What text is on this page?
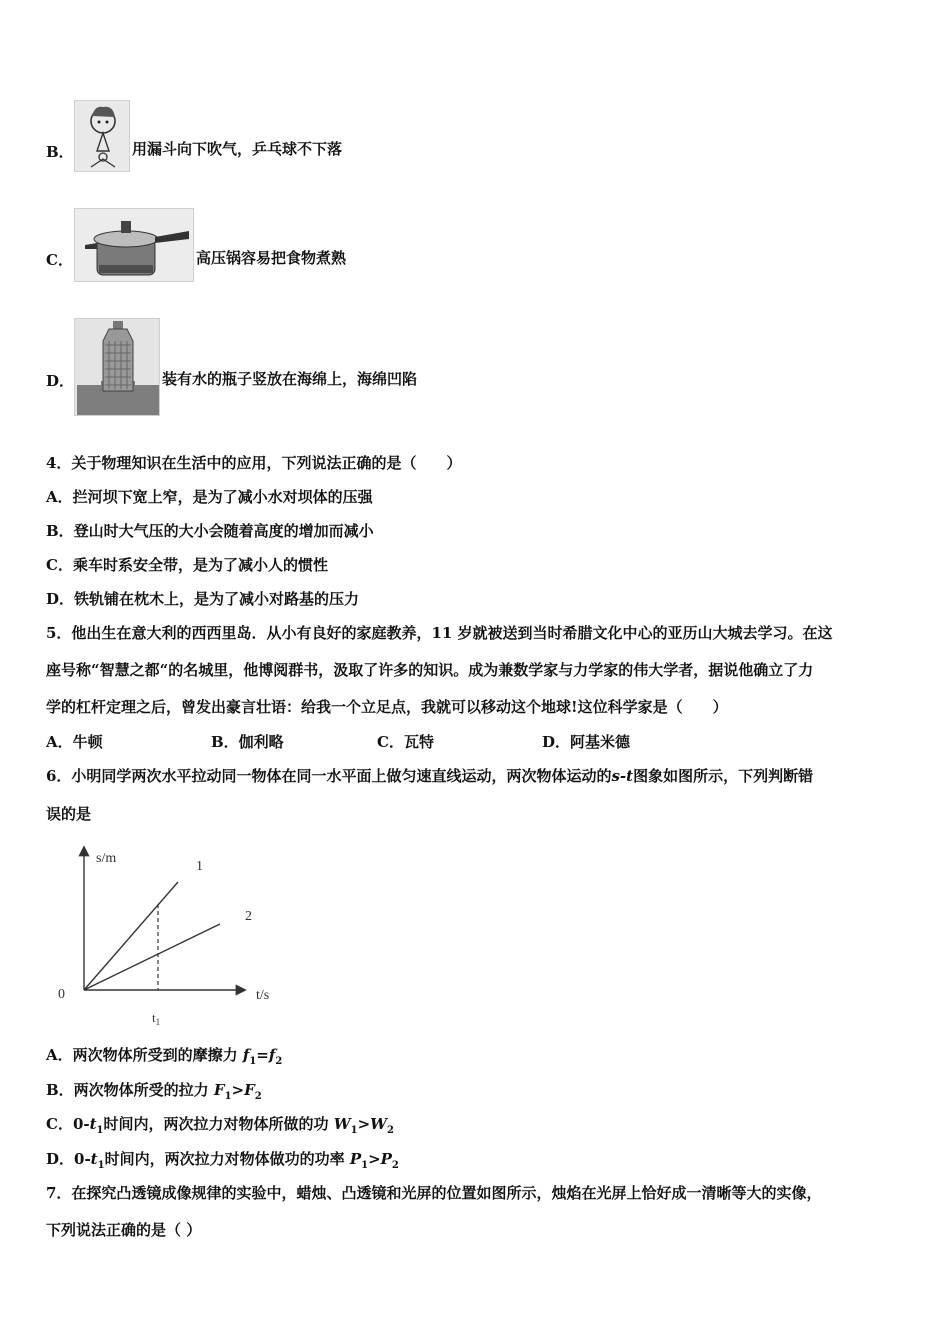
B．	用漏斗向下吹气，乒乓球不下落
C．	高压锅容易把食物煮熟
D．	装有水的瓶子竖放在海绵上，海绵凹陷
4．关于物理知识在生活中的应用，下列说法正确的是（　　）
A．拦河坝下宽上窄，是为了减小水对坝体的压强
B．登山时大气压的大小会随着高度的增加而减小
C．乘车时系安全带，是为了减小人的惯性
D．铁轨铺在枕木上，是为了减小对路基的压力
5．他出生在意大利的西西里岛．从小有良好的家庭教养，11 岁就被送到当时希腊文化中心的亚历山大城去学习。在这
座号称“智慧之都“的名城里，他博阅群书，汲取了许多的知识。成为兼数学家与力学家的伟大学者，据说他确立了力
学的杠杆定理之后，曾发出豪言壮语：给我一个立足点，我就可以移动这个地球!这位科学家是（　　）
A．牛顿	B．伽利略	C．瓦特	D．阿基米德
6．小明同学两次水平拉动同一物体在同一水平面上做匀速直线运动，两次物体运动的s-t图象如图所示，下列判断错
误的是
s/m
t/s
0
1
2
$t_1$
A．两次物体所受到的摩擦力 $f_1=f_2$
B．两次物体所受的拉力 $F_1>F_2$
C．$0-t_1$时间内，两次拉力对物体所做的功 $W_1>W_2$
D．$0-t_1$时间内，两次拉力对物体做功的功率 $P_1>P_2$
7．在探究凸透镜成像规律的实验中，蜡烛、凸透镜和光屏的位置如图所示，烛焰在光屏上恰好成一清晰等大的实像，
下列说法正确的是（ ）
